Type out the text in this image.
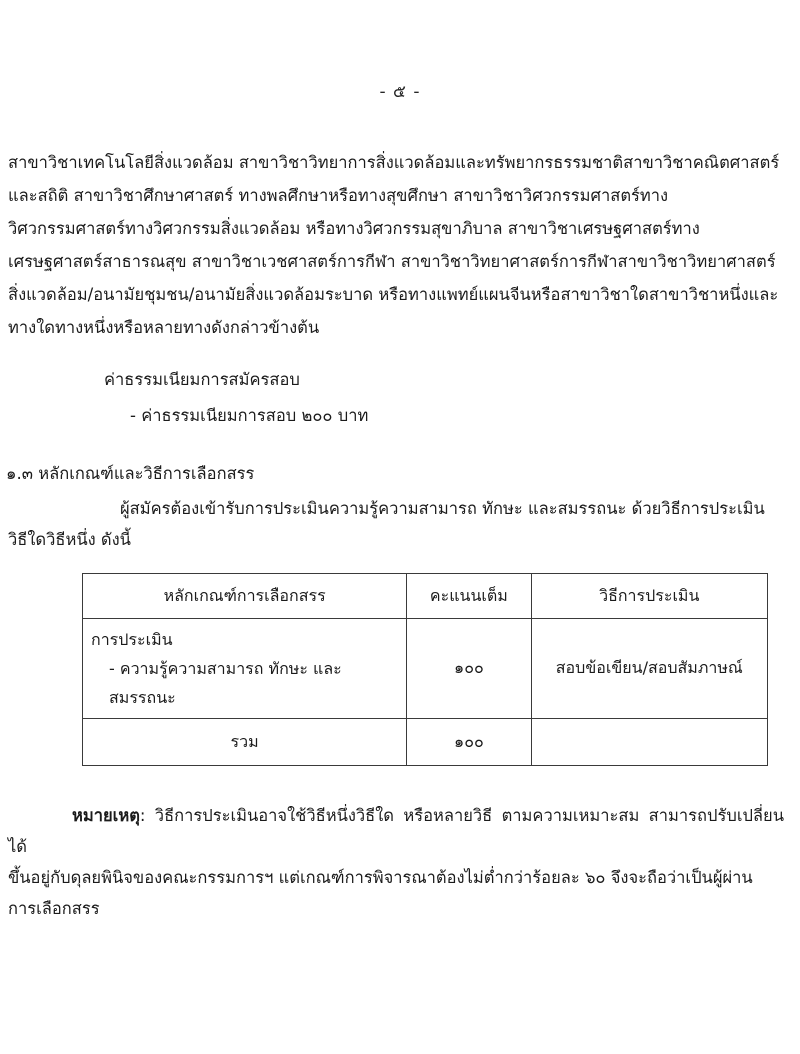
- ๕ -

สาขาวิชาเทคโนโลยีสิ่งแวดล้อม สาขาวิชาวิทยาการสิ่งแวดล้อมและทรัพยากรธรรมชาติสาขาวิชาคณิตศาสตร์

และสถิติ สาขาวิชาศึกษาศาสตร์ ทางพลศึกษาหรือทางสุขศึกษา สาขาวิชาวิศวกรรมศาสตร์ทาง

วิศวกรรมศาสตร์ทางวิศวกรรมสิ่งแวดล้อม หรือทางวิศวกรรมสุขาภิบาล สาขาวิชาเศรษฐศาสตร์ทาง

เศรษฐศาสตร์สาธารณสุข สาขาวิชาเวชศาสตร์การกีฬา สาขาวิชาวิทยาศาสตร์การกีฬาสาขาวิชาวิทยาศาสตร์

สิ่งแวดล้อม/อนามัยชุมชน/อนามัยสิ่งแวดล้อมระบาด หรือทางแพทย์แผนจีนหรือสาขาวิชาใดสาขาวิชาหนึ่งและ

ทางใดทางหนึ่งหรือหลายทางดังกล่าวข้างต้น

ค่าธรรมเนียมการสมัครสอบ
- ค่าธรรมเนียมการสอบ ๒๐๐ บาท
๑.๓ หลักเกณฑ์และวิธีการเลือกสรร
ผู้สมัครต้องเข้ารับการประเมินความรู้ความสามารถ ทักษะ และสมรรถนะ ด้วยวิธีการประเมิน
วิธีใดวิธีหนึ่ง ดังนี้
หลักเกณฑ์การเลือกสรร	คะแนนเต็ม	วิธีการประเมิน
การประเมิน
- ความรู้ความสามารถ ทักษะ และสมรรถนะ	๑๐๐	สอบข้อเขียน/สอบสัมภาษณ์
รวม	๑๐๐	
หมายเหตุ: วิธีการประเมินอาจใช้วิธีหนึ่งวิธีใด หรือหลายวิธี ตามความเหมาะสม สามารถปรับเปลี่ยนได้
ขึ้นอยู่กับดุลยพินิจของคณะกรรมการฯ แต่เกณฑ์การพิจารณาต้องไม่ต่ำกว่าร้อยละ ๖๐ จึงจะถือว่าเป็นผู้ผ่าน
การเลือกสรร
